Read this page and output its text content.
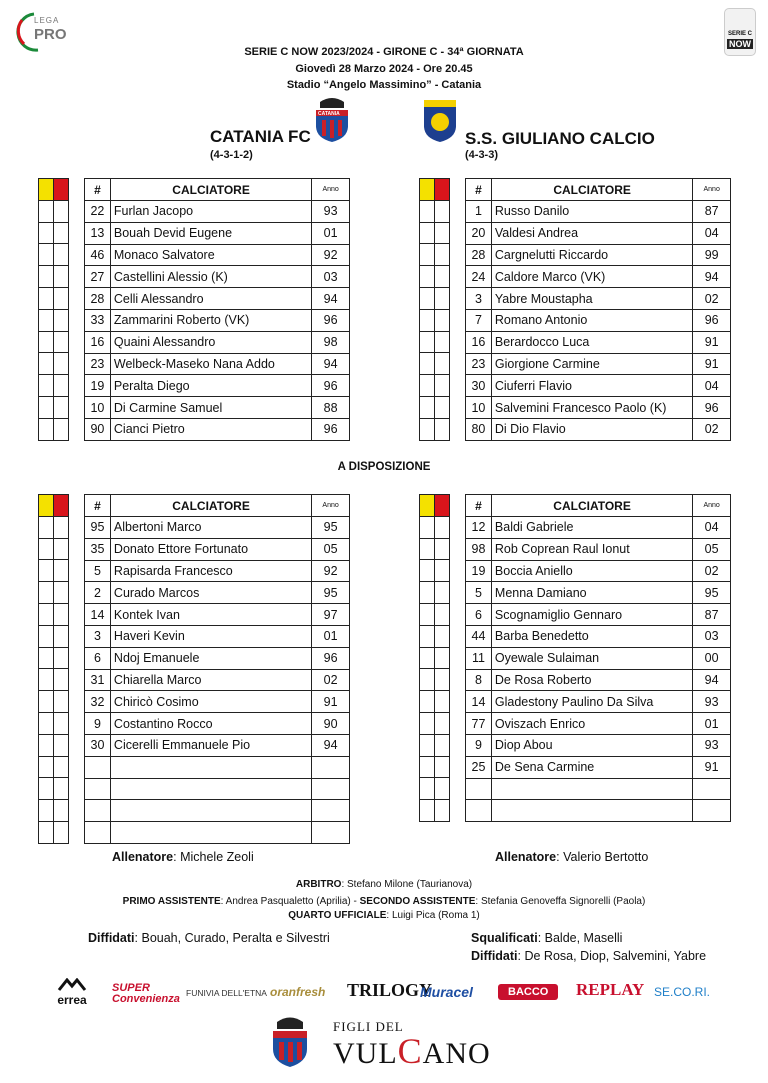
LEGA
PRO	SERIE C
NOW
SERIE C NOW 2023/2024 - GIRONE C - 34ª GIORNATA
Giovedì 28 Marzo 2024 - Ore 20.45
Stadio “Angelo Massimino” - Catania
CATANIA
CATANIA FC
(4-3-1-2)
S.S. GIULIANO CALCIO
(4-3-3)

#	CALCIATORE	Anno
22	Furlan Jacopo	93
13	Bouah Devid Eugene	01
46	Monaco Salvatore	92
27	Castellini Alessio (K)	03
28	Celli Alessandro	94
33	Zammarini Roberto (VK)	96
16	Quaini Alessandro	98
23	Welbeck-Maseko Nana Addo	94
19	Peralta Diego	96
10	Di Carmine Samuel	88
90	Cianci Pietro	96
#	CALCIATORE	Anno
1	Russo Danilo	87
20	Valdesi Andrea	04
28	Cargnelutti Riccardo	99
24	Caldore Marco (VK)	94
3	Yabre Moustapha	02
7	Romano Antonio	96
16	Berardocco Luca	91
23	Giorgione Carmine	91
30	Ciuferri Flavio	04
10	Salvemini Francesco Paolo (K)	96
80	Di Dio Flavio	02
A DISPOSIZIONE
#	CALCIATORE	Anno
95	Albertoni Marco	95
35	Donato Ettore Fortunato	05
5	Rapisarda Francesco	92
2	Curado Marcos	95
14	Kontek Ivan	97
3	Haveri Kevin	01
6	Ndoj Emanuele	96
31	Chiarella Marco	02
32	Chiricò Cosimo	91
9	Costantino Rocco	90
30	Cicerelli Emmanuele Pio	94

#	CALCIATORE	Anno
12	Baldi Gabriele	04
98	Rob Coprean Raul Ionut	05
19	Boccia Aniello	02
5	Menna Damiano	95
6	Scognamiglio Gennaro	87
44	Barba Benedetto	03
11	Oyewale Sulaiman	00
8	De Rosa Roberto	94
14	Gladestony Paulino Da Silva	93
77	Oviszach Enrico	01
9	Diop Abou	93
25	De Sena Carmine	91

Allenatore: Michele Zeoli	Allenatore: Valerio Bertotto
ARBITRO: Stefano Milone (Taurianova)
PRIMO ASSISTENTE: Andrea Pasqualetto (Aprilia) - SECONDO ASSISTENTE: Stefania Genoveffa Signorelli (Paola)
QUARTO UFFICIALE: Luigi Pica (Roma 1)
Diffidati: Bouah, Curado, Peralta e Silvestri	Squalificati: Balde, Maselli
Diffidati: De Rosa, Diop, Salvemini, Yabre
errea
SUPER Convenienza FUNIVIA DELL'ETNA oranfresh TRILOGY
Muracel	BACCO	REPLAY SE.CO.RI.
FIGLI DEL
VULCANO
